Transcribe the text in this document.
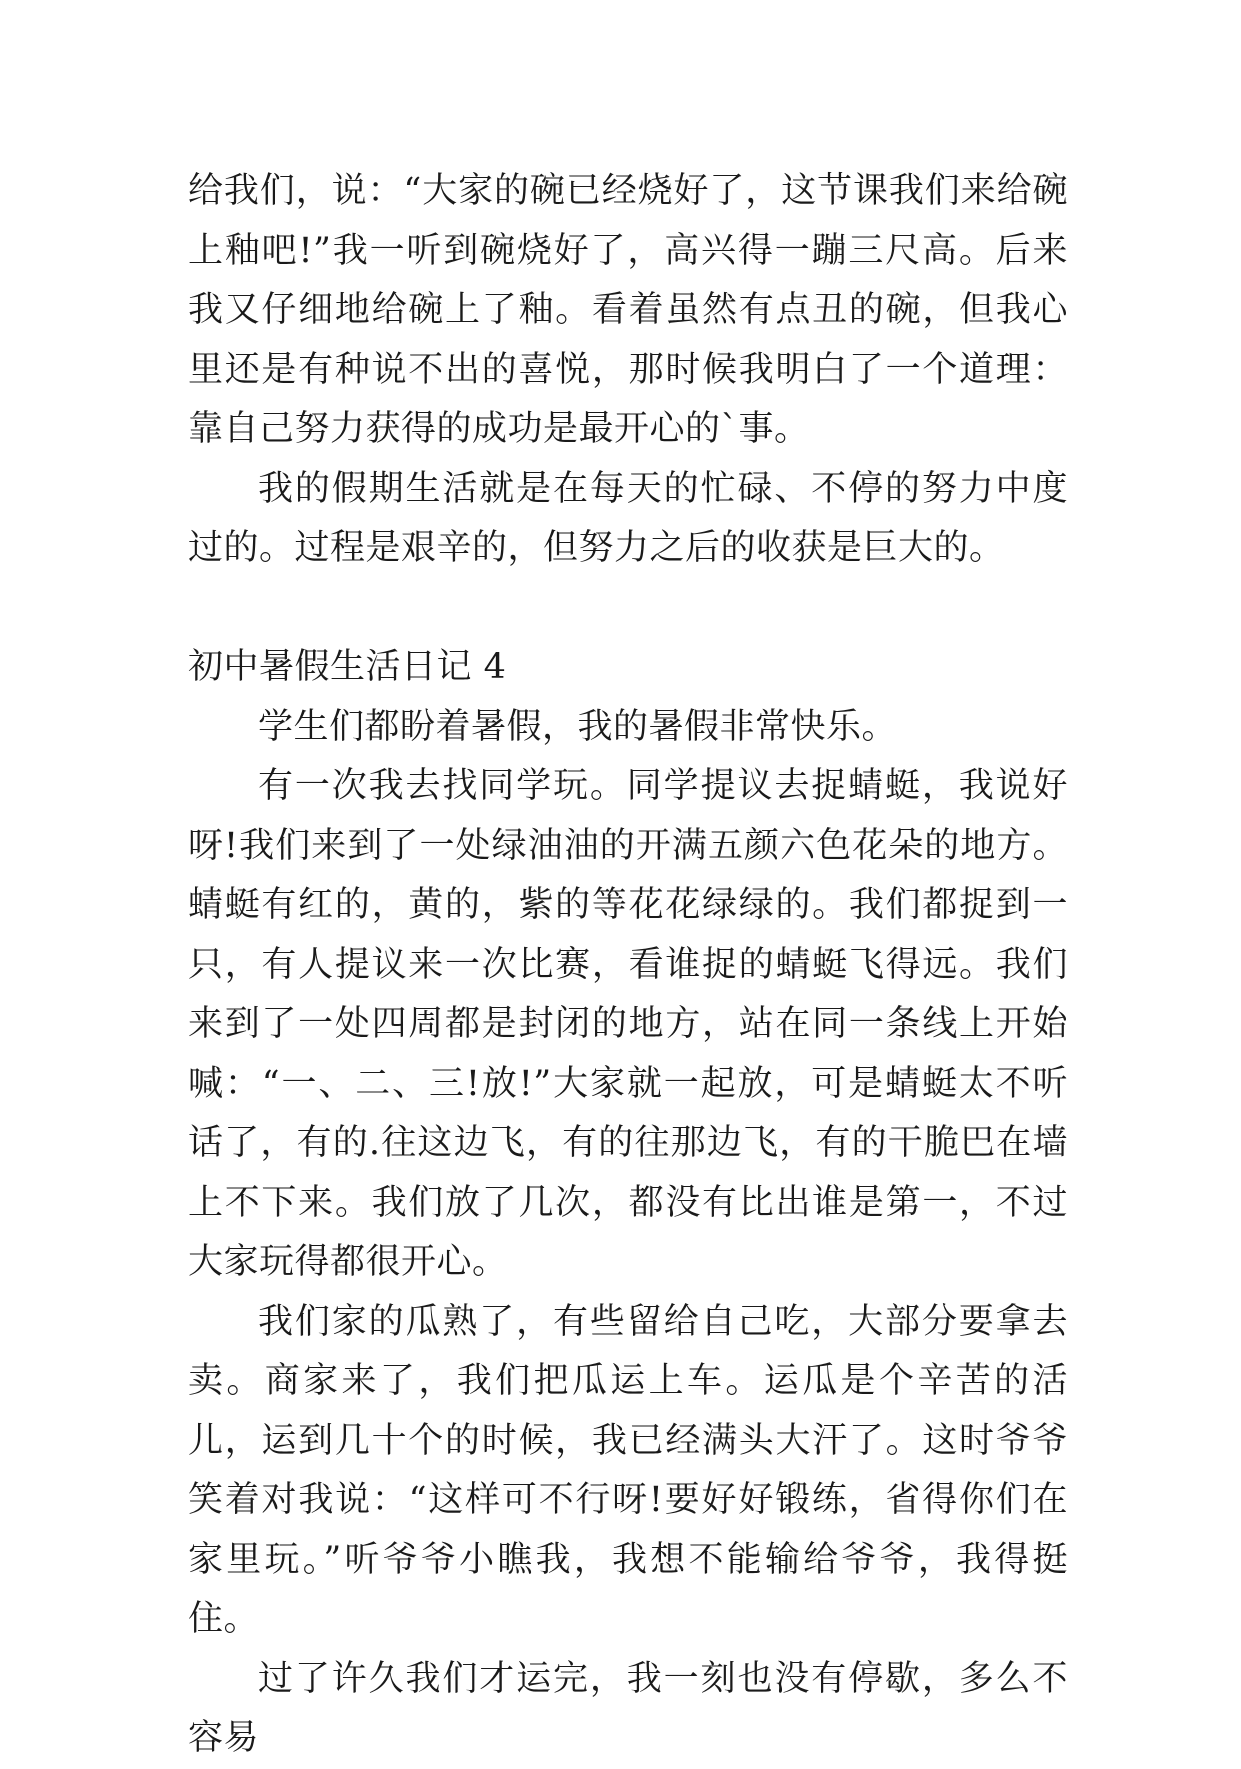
给我们，说：“大家的碗已经烧好了，这节课我们来给碗上釉吧!”我一听到碗烧好了，高兴得一蹦三尺高。后来我又仔细地给碗上了釉。看着虽然有点丑的碗，但我心里还是有种说不出的喜悦，那时候我明白了一个道理：靠自己努力获得的成功是最开心的`事。

我的假期生活就是在每天的忙碌、不停的努力中度过的。过程是艰辛的，但努力之后的收获是巨大的。

初中暑假生活日记 4

学生们都盼着暑假，我的暑假非常快乐。

有一次我去找同学玩。同学提议去捉蜻蜓，我说好呀!我们来到了一处绿油油的开满五颜六色花朵的地方。蜻蜓有红的，黄的，紫的等花花绿绿的。我们都捉到一只，有人提议来一次比赛，看谁捉的蜻蜓飞得远。我们来到了一处四周都是封闭的地方，站在同一条线上开始喊：“一、二、三!放!”大家就一起放，可是蜻蜓太不听话了，有的.往这边飞，有的往那边飞，有的干脆巴在墙上不下来。我们放了几次，都没有比出谁是第一，不过大家玩得都很开心。

我们家的瓜熟了，有些留给自己吃，大部分要拿去卖。商家来了，我们把瓜运上车。运瓜是个辛苦的活儿，运到几十个的时候，我已经满头大汗了。这时爷爷笑着对我说：“这样可不行呀!要好好锻练，省得你们在家里玩。”听爷爷小瞧我，我想不能输给爷爷，我得挺住。

过了许久我们才运完，我一刻也没有停歇，多么不容易
